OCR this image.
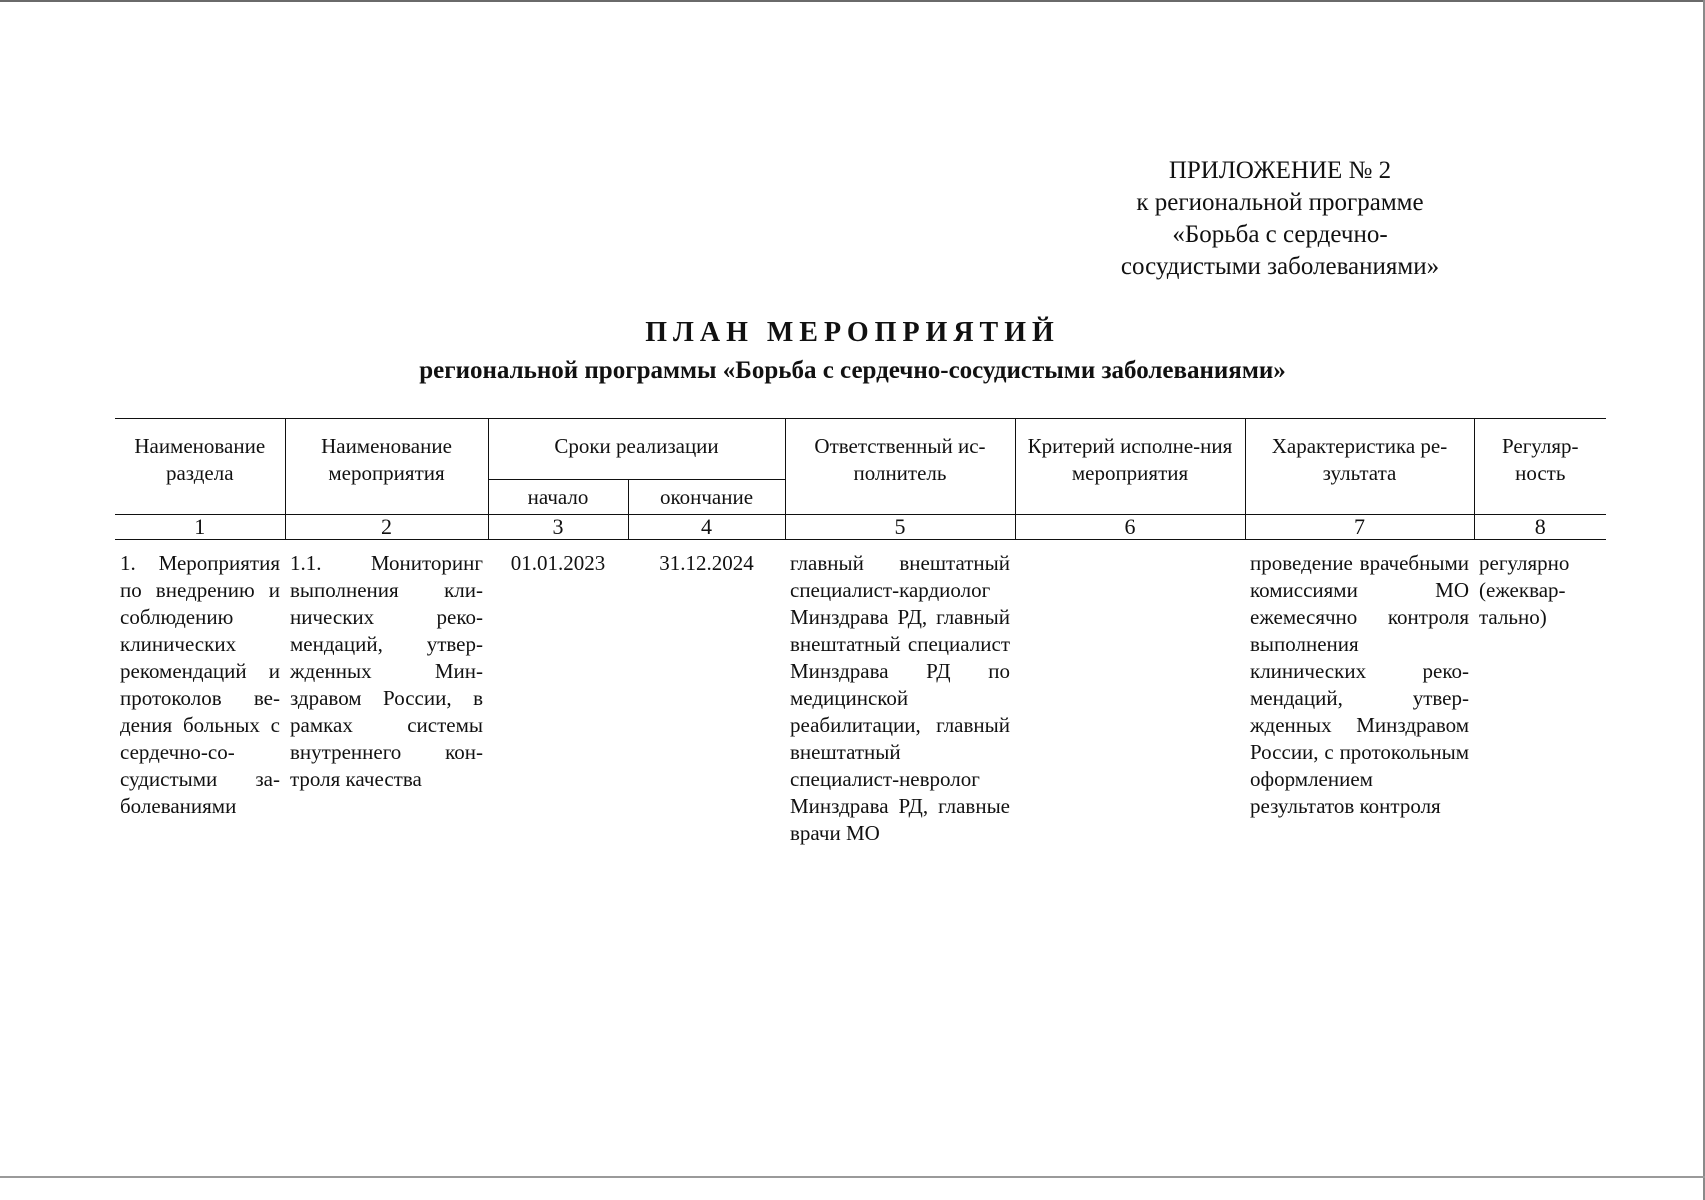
ПРИЛОЖЕНИЕ № 2
к региональной программе
«Борьба с сердечно-
сосудистыми заболеваниями»
ПЛАН МЕРОПРИЯТИЙ
региональной программы «Борьба с сердечно-сосудистыми заболеваниями»
Наименование раздела	Наименование мероприятия	Сроки реализации		Ответственный ис-полнитель	Критерий исполне-ния мероприятия	Характеристика ре-зультата	Регуляр-ность
		начало	окончание				
1	2	3	4	5	6	7	8
1. Мероприятия по внедрению и соблюдению клинических рекомендаций и протоколов ведения больных с сердечно-сосудистыми заболеваниями	1.1. Мониторинг выполнения клинических рекомендаций, утвержденных Минздравом России, в рамках системы внутреннего контроля качества	01.01.2023	31.12.2024	главный внештатный специалист-кардиолог Минздрава РД, главный внештатный специалист Минздрава РД по медицинской реабилитации, главный внештатный специалист-невролог Минздрава РД, главные врачи МО		проведение врачебными комиссиями МО ежемесячно контроля выполнения клинических рекомендаций, утвержденных Минздравом России, с протокольным оформлением результатов контроля	регулярно (ежеквартально)
